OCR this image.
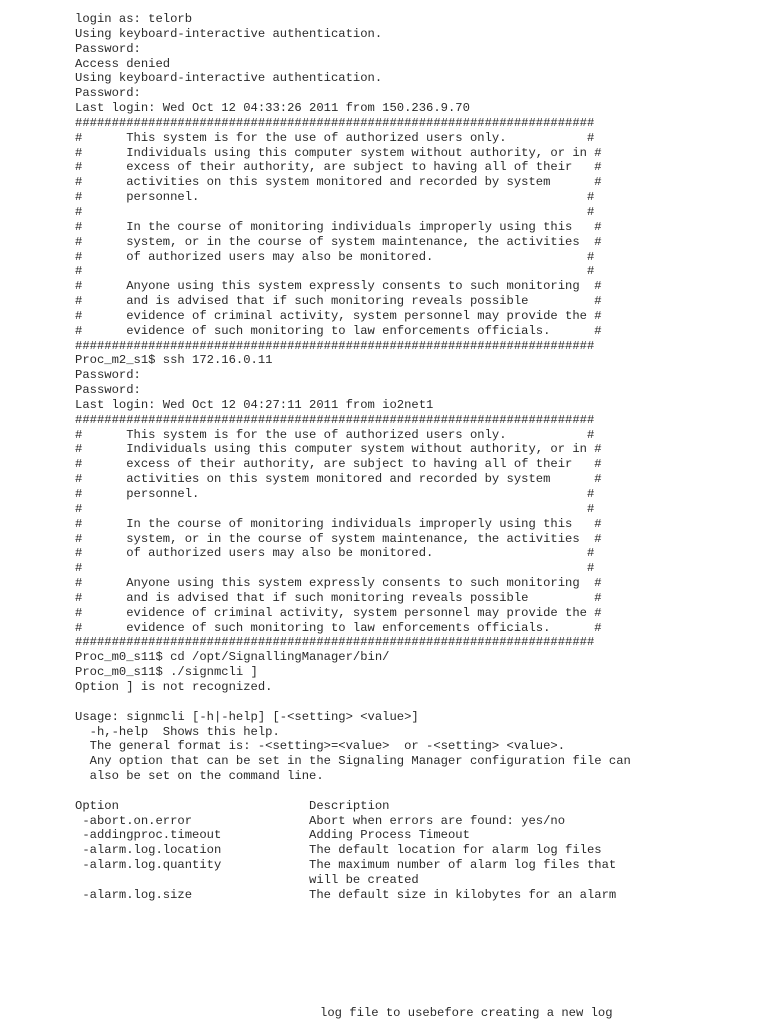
login as: telorb
Using keyboard-interactive authentication.
Password:
Access denied
Using keyboard-interactive authentication.
Password:
Last login: Wed Oct 12 04:33:26 2011 from 150.236.9.70
#######################################################################
#      This system is for the use of authorized users only.           #
#      Individuals using this computer system without authority, or in #
#      excess of their authority, are subject to having all of their   #
#      activities on this system monitored and recorded by system      #
#      personnel.                                                     #
#                                                                     #
#      In the course of monitoring individuals improperly using this   #
#      system, or in the course of system maintenance, the activities  #
#      of authorized users may also be monitored.                     #
#                                                                     #
#      Anyone using this system expressly consents to such monitoring  #
#      and is advised that if such monitoring reveals possible         #
#      evidence of criminal activity, system personnel may provide the #
#      evidence of such monitoring to law enforcements officials.      #
#######################################################################
Proc_m2_s1$ ssh 172.16.0.11
Password:
Password:
Last login: Wed Oct 12 04:27:11 2011 from io2net1
#######################################################################
#      This system is for the use of authorized users only.           #
#      Individuals using this computer system without authority, or in #
#      excess of their authority, are subject to having all of their   #
#      activities on this system monitored and recorded by system      #
#      personnel.                                                     #
#                                                                     #
#      In the course of monitoring individuals improperly using this   #
#      system, or in the course of system maintenance, the activities  #
#      of authorized users may also be monitored.                     #
#                                                                     #
#      Anyone using this system expressly consents to such monitoring  #
#      and is advised that if such monitoring reveals possible         #
#      evidence of criminal activity, system personnel may provide the #
#      evidence of such monitoring to law enforcements officials.      #
#######################################################################
Proc_m0_s11$ cd /opt/SignallingManager/bin/
Proc_m0_s11$ ./signmcli ]
Option ] is not recognized.
Usage: signmcli [-h|-help] [-<setting> <value>]
-h,-help  Shows this help.
The general format is: -<setting>=<value>  or -<setting> <value>.
Any option that can be set in the Signaling Manager configuration file can
also be set on the command line.
Option                          Description
-abort.on.error                Abort when errors are found: yes/no
-addingproc.timeout            Adding Process Timeout
-alarm.log.location            The default location for alarm log files
-alarm.log.quantity            The maximum number of alarm log files that
will be created
-alarm.log.size                The default size in kilobytes for an alarm
log file to usebefore creating a new log
